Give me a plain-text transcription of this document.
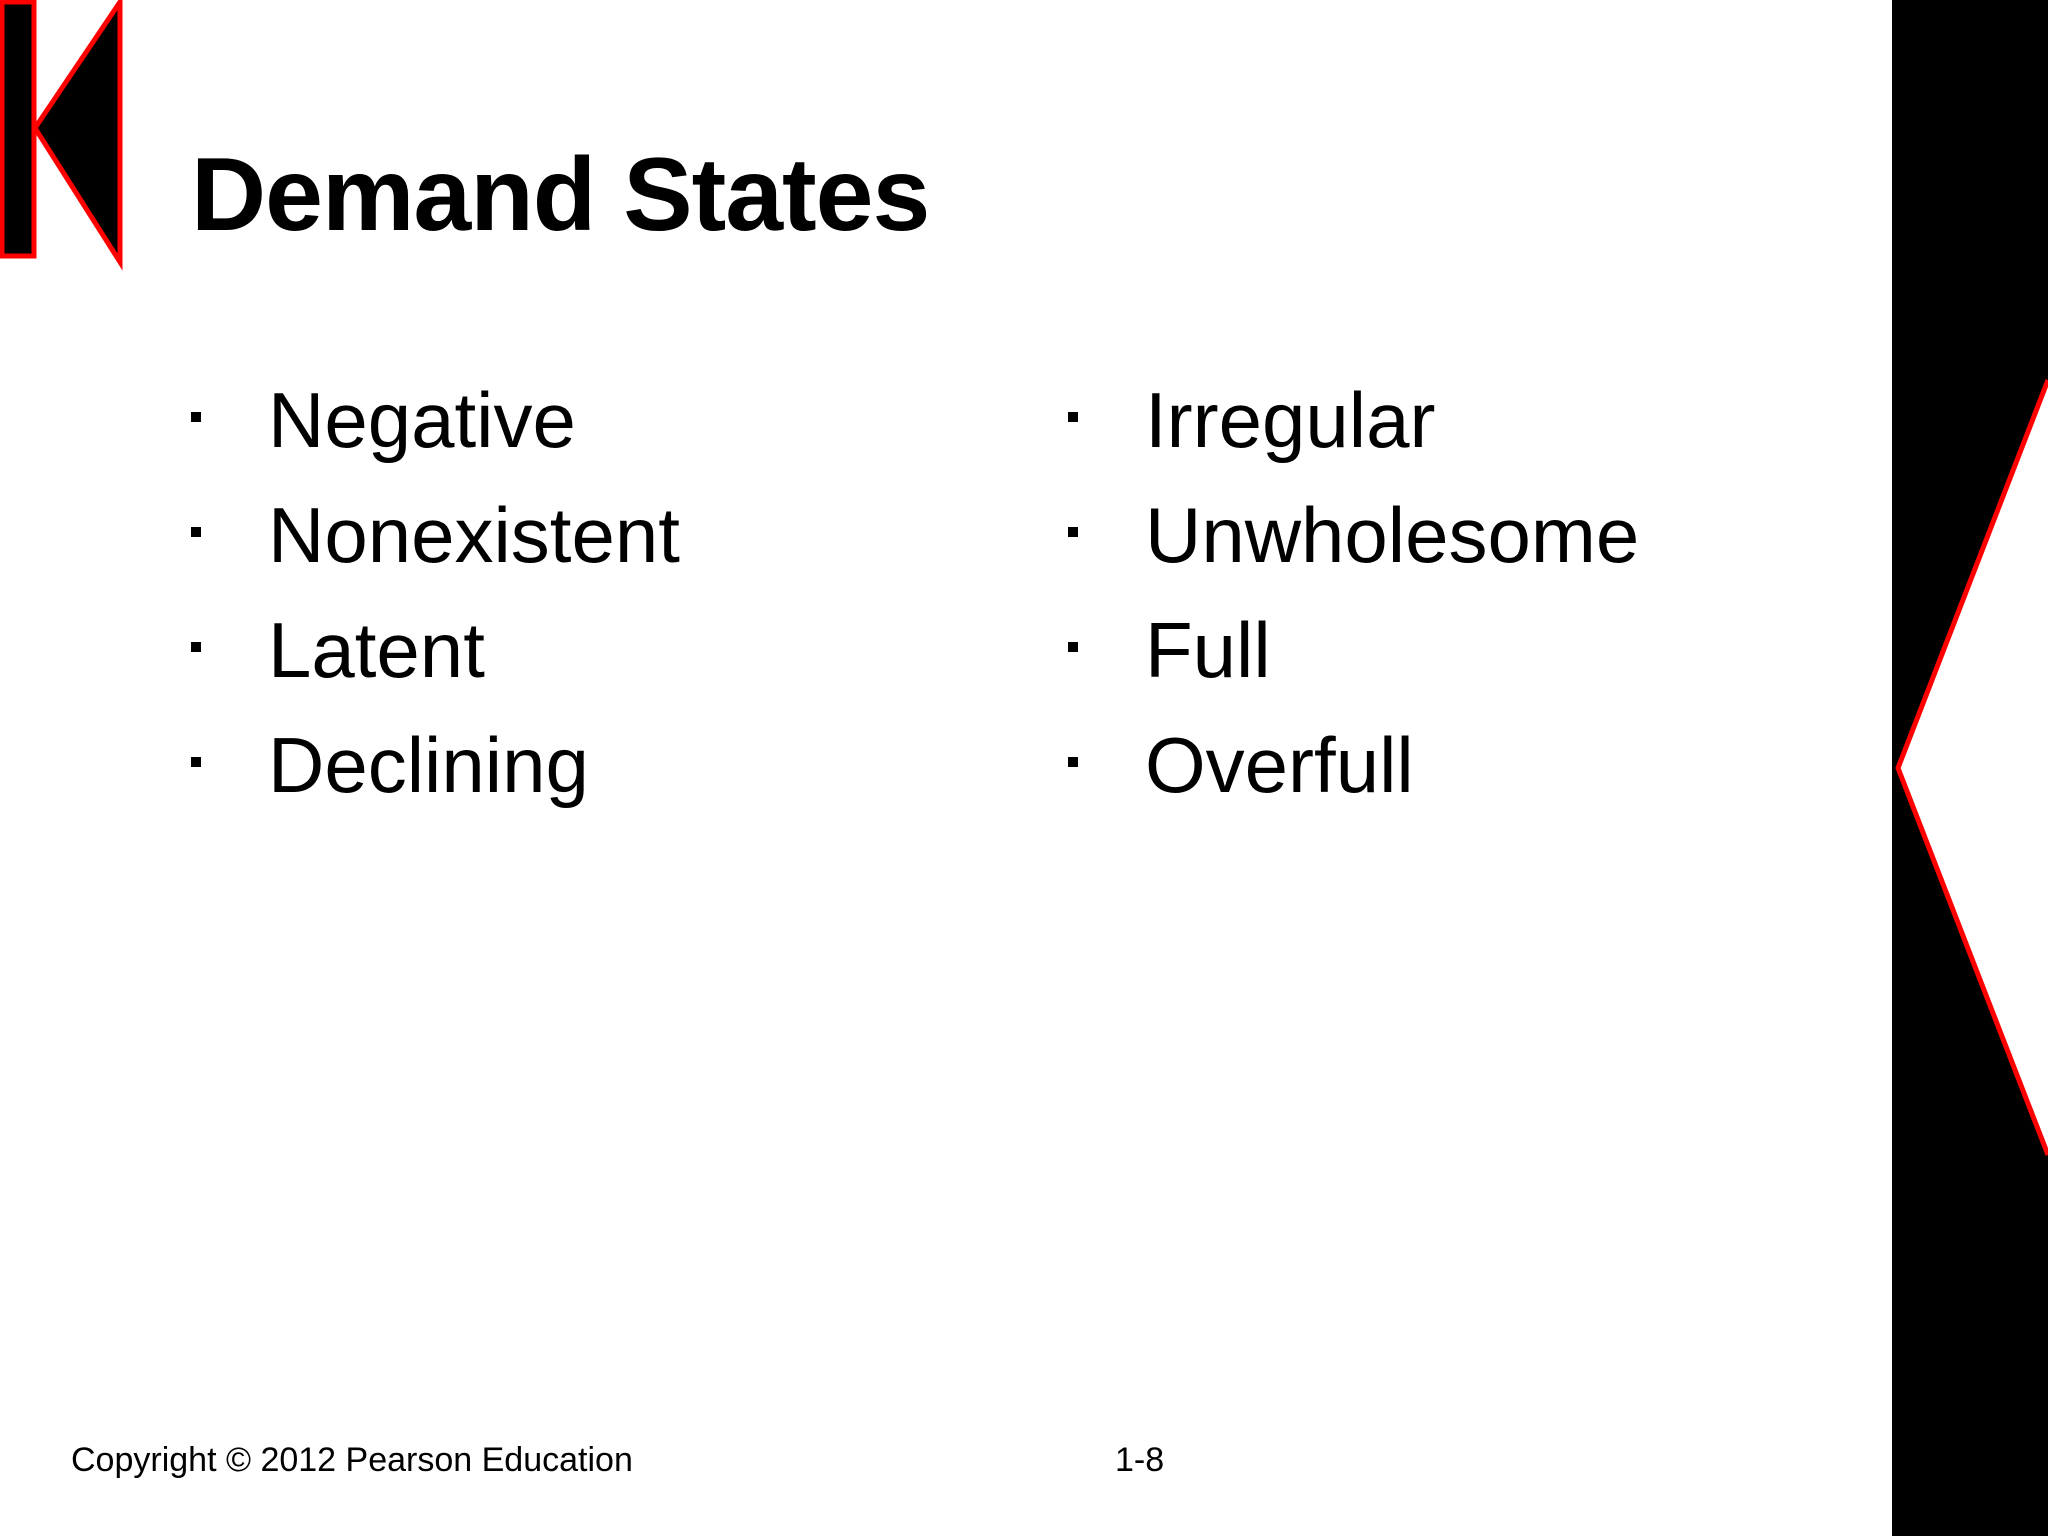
Demand States
Negative
Nonexistent
Latent
Declining
Irregular
Unwholesome
Full
Overfull
Copyright © 2012 Pearson Education	1-8
